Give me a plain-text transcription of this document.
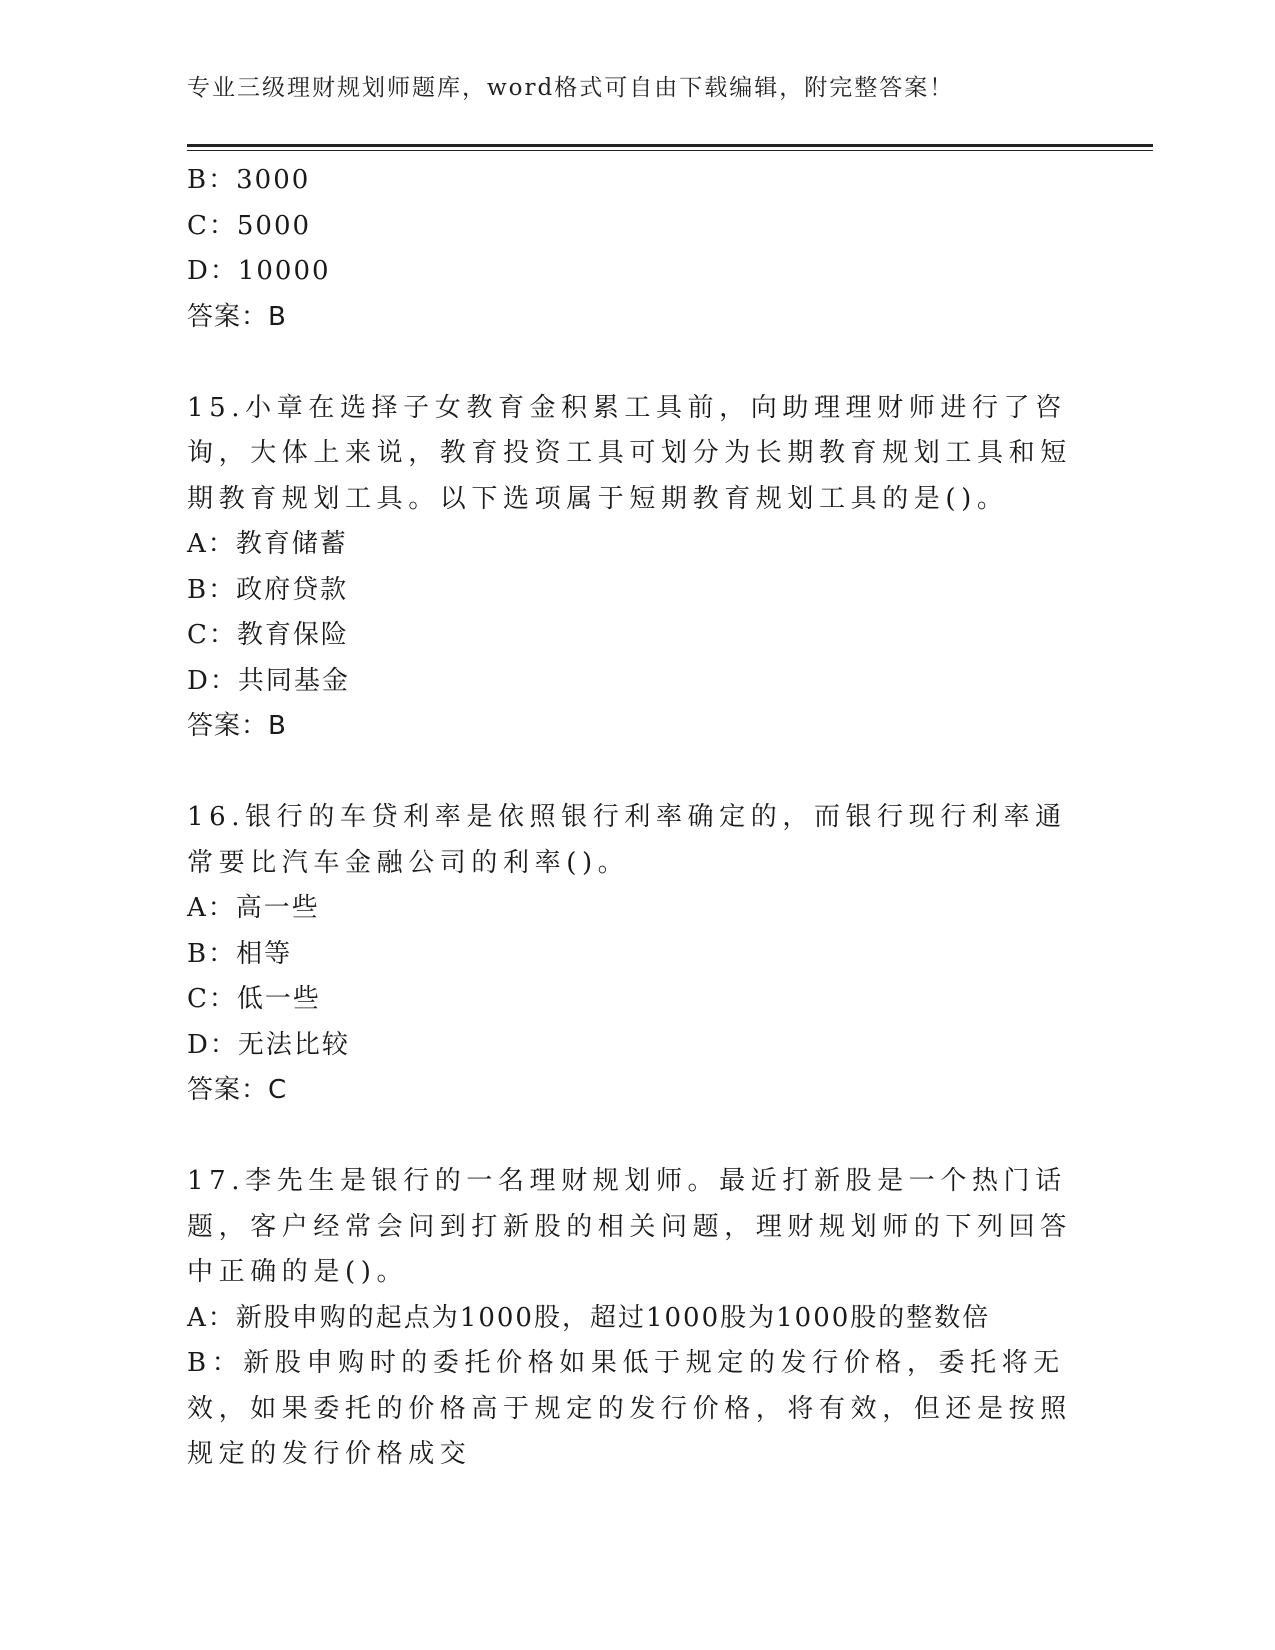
专业三级理财规划师题库，word格式可自由下载编辑，附完整答案！

B：3000

C：5000

D：10000

答案：B

15.小章在选择子女教育金积累工具前，向助理理财师进行了咨询，大体上来说，教育投资工具可划分为长期教育规划工具和短期教育规划工具。以下选项属于短期教育规划工具的是()。

A：教育储蓄

B：政府贷款

C：教育保险

D：共同基金

答案：B

16.银行的车贷利率是依照银行利率确定的，而银行现行利率通常要比汽车金融公司的利率()。

A：高一些

B：相等

C：低一些

D：无法比较

答案：C

17.李先生是银行的一名理财规划师。最近打新股是一个热门话题，客户经常会问到打新股的相关问题，理财规划师的下列回答中正确的是()。

A：新股申购的起点为1000股，超过1000股为1000股的整数倍

B：新股申购时的委托价格如果低于规定的发行价格，委托将无效，如果委托的价格高于规定的发行价格，将有效，但还是按照规定的发行价格成交
